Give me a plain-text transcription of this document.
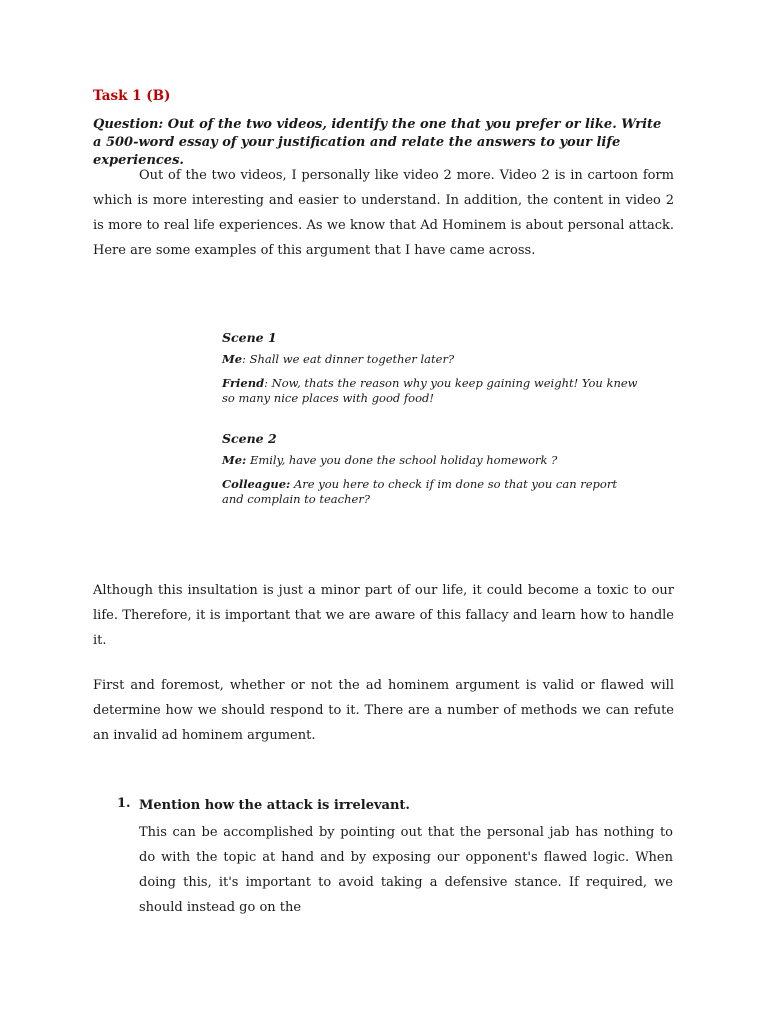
Task 1 (B)

Question: Out of the two videos, identify the one that you prefer or like. Write a 500-word essay of your justification and relate the answers to your life experiences.

Out of the two videos, I personally like video 2 more. Video 2 is in cartoon form which is more interesting and easier to understand. In addition, the content in video 2 is more to real life experiences. As we know that Ad Hominem is about personal attack. Here are some examples of this argument that I have came across.

Scene 1

Me: Shall we eat dinner together later?

Friend: Now, thats the reason why you keep gaining weight! You knew so many nice places with good food!

Scene 2

Me: Emily, have you done the school holiday homework ?

Colleague: Are you here to check if im done so that you can report and complain to teacher?

Although this insultation is just a minor part of our life, it could become a toxic to our life. Therefore, it is important that we are aware of this fallacy and learn how to handle it.

First and foremost, whether or not the ad hominem argument is valid or flawed will determine how we should respond to it. There are a number of methods we can refute an invalid ad hominem argument.

1. Mention how the attack is irrelevant.

This can be accomplished by pointing out that the personal jab has nothing to do with the topic at hand and by exposing our opponent's flawed logic. When doing this, it's important to avoid taking a defensive stance. If required, we should instead go on the
